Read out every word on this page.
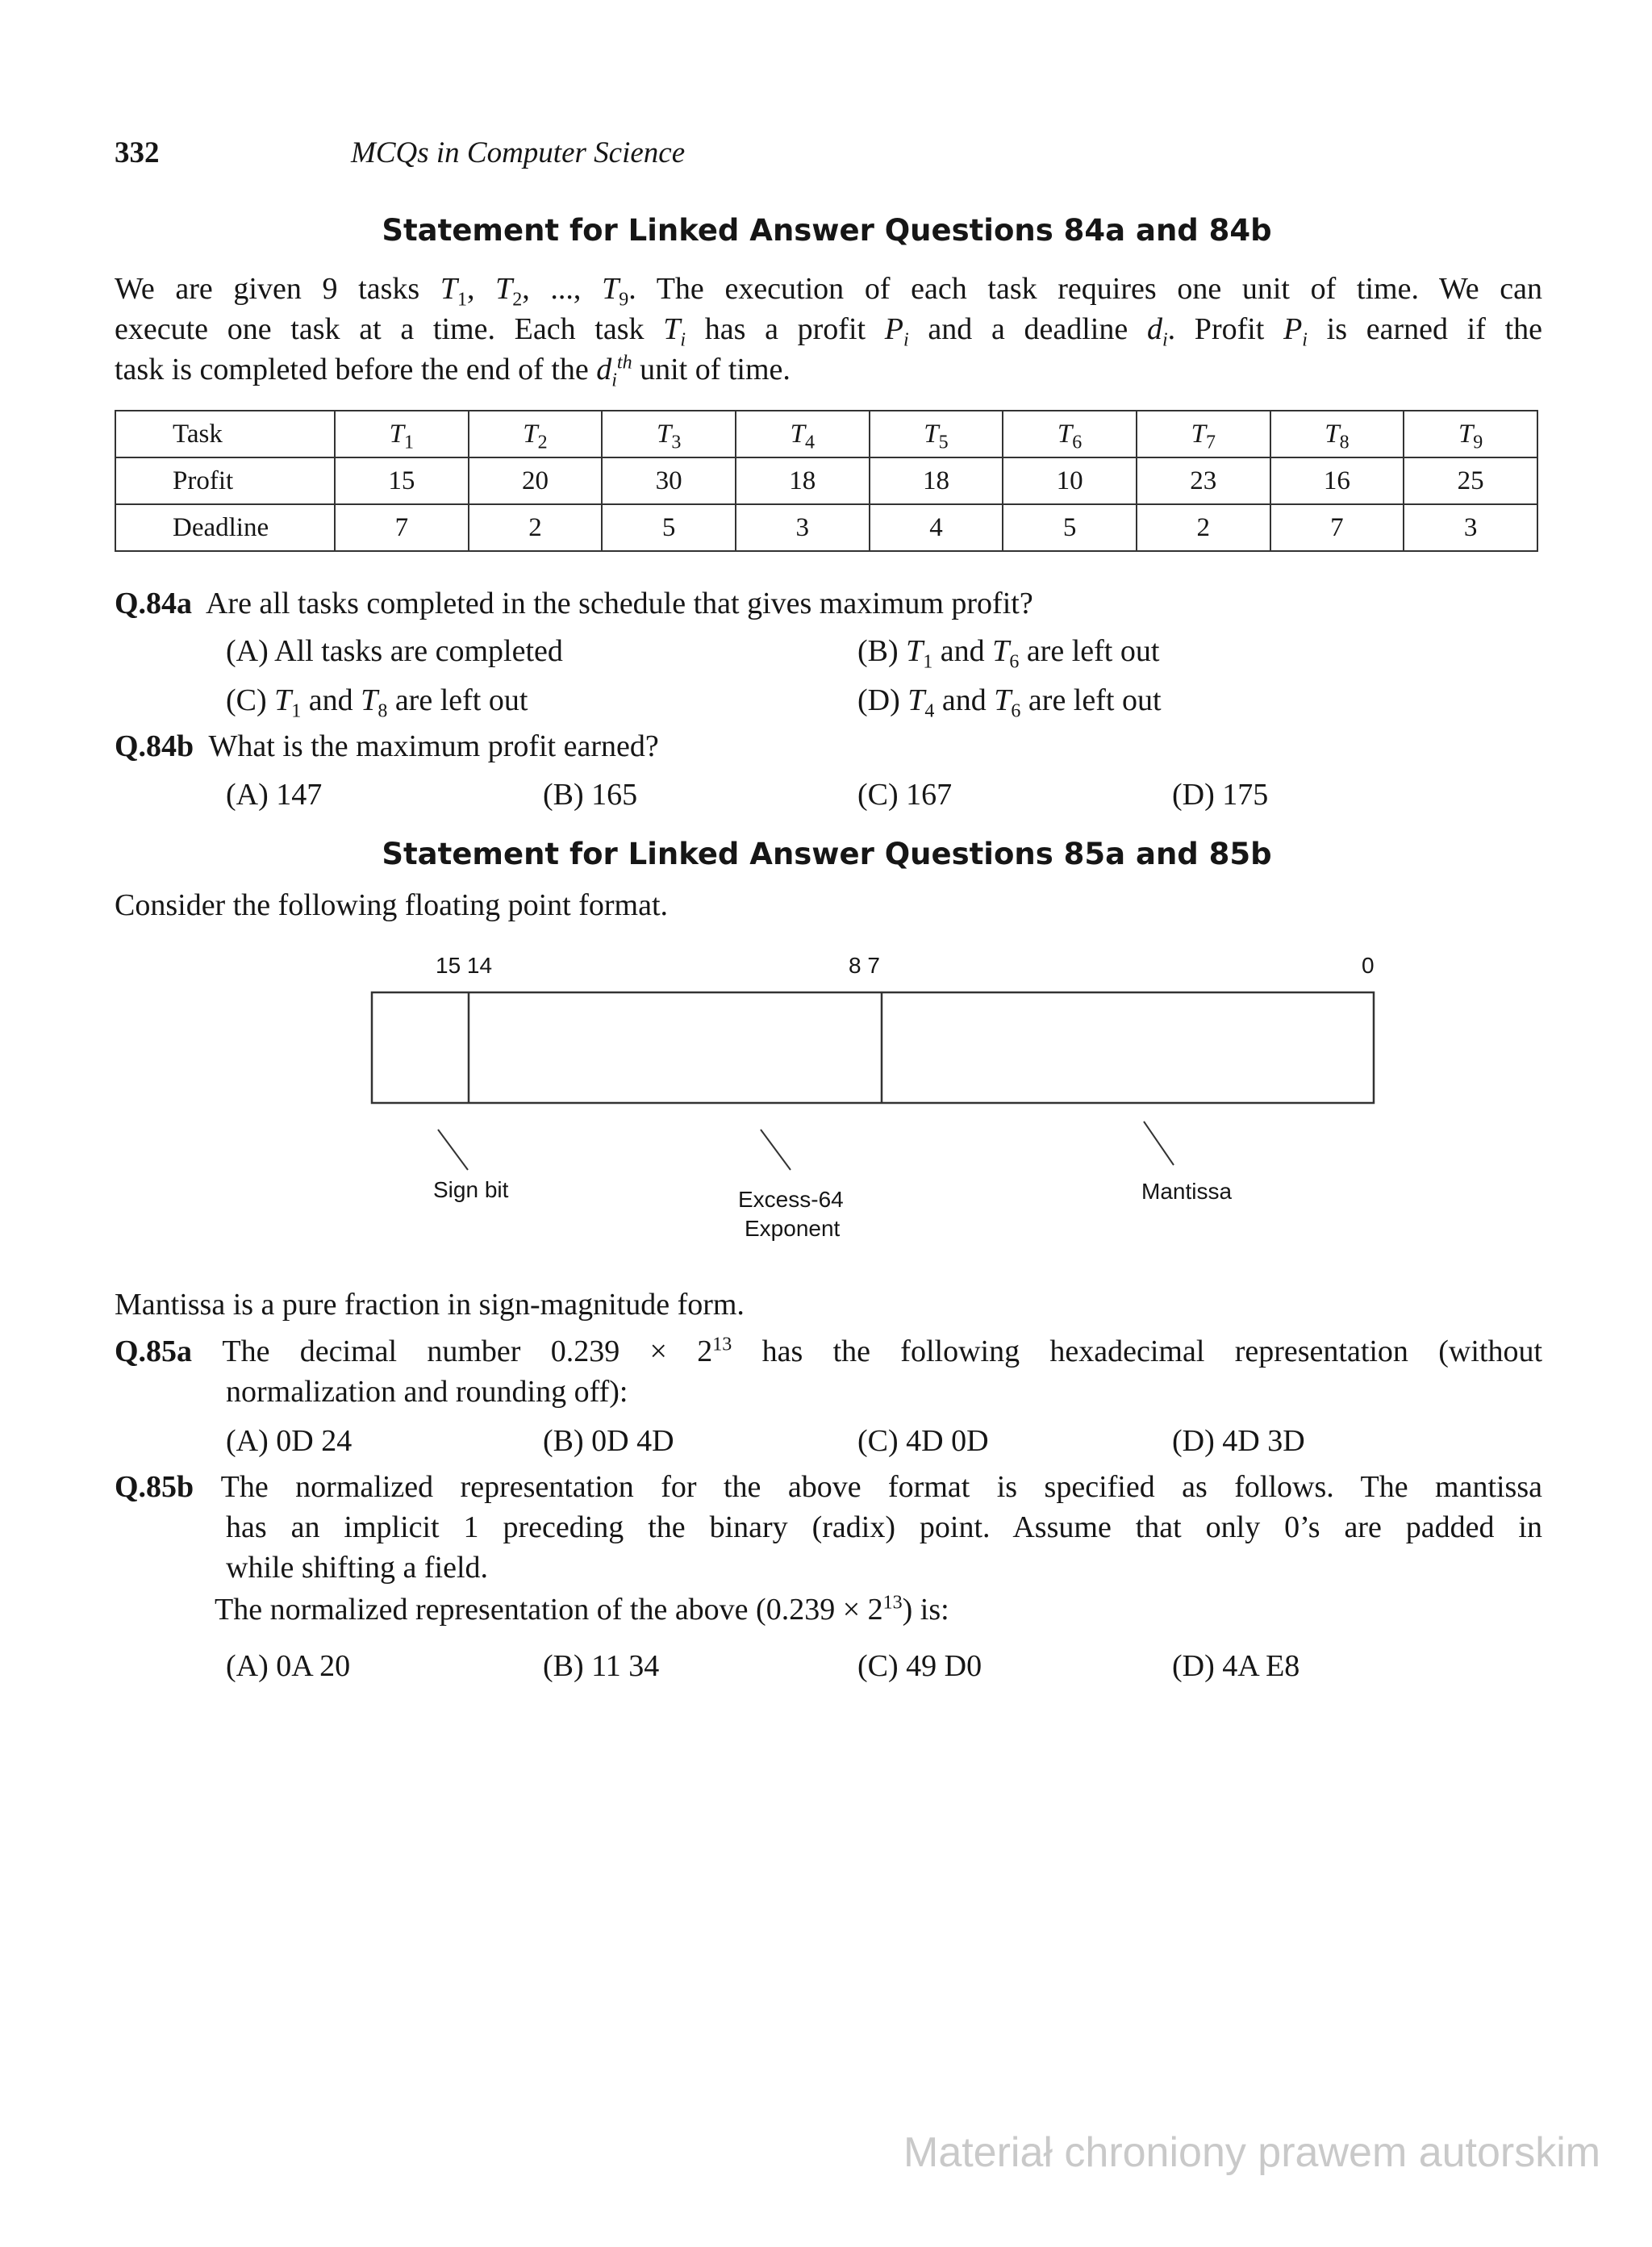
332	MCQs in Computer Science
Statement for Linked Answer Questions 84a and 84b
We are given 9 tasks $T_1$, $T_2$, ..., $T_9$. The execution of each task requires one unit of time. We can
execute one task at a time. Each task $T_i$ has a profit $P_i$ and a deadline $d_i$. Profit $P_i$ is earned if the
task is completed before the end of the $d_i^{th}$ unit of time.
Task	$T_1$	$T_2$	$T_3$	$T_4$	$T_5$	$T_6$	$T_7$	$T_8$	$T_9$
Profit	15	20	30	18	18	10	23	16	25
Deadline	7	2	5	3	4	5	2	7	3
Q.84a Are all tasks completed in the schedule that gives maximum profit?
(A) All tasks are completed	(B) $T_1$ and $T_6$ are left out
(C) $T_1$ and $T_8$ are left out	(D) $T_4$ and $T_6$ are left out
Q.84b What is the maximum profit earned?
(A) 147	(B) 165	(C) 167	(D) 175
Statement for Linked Answer Questions 85a and 85b
Consider the following floating point format.
15 14	8 7	0
Sign bit	Excess-64
Exponent
Mantissa
Mantissa is a pure fraction in sign-magnitude form.
Q.85a The decimal number $0.239 \times 2^{13}$ has the following hexadecimal representation (without
normalization and rounding off):
(A) 0D 24	(B) 0D 4D	(C) 4D 0D	(D) 4D 3D
Q.85b The normalized representation for the above format is specified as follows. The mantissa
has an implicit 1 preceding the binary (radix) point. Assume that only 0’s are padded in
while shifting a field.
The normalized representation of the above $(0.239 \times 2^{13})$ is:
(A) 0A 20	(B) 11 34	(C) 49 D0	(D) 4A E8
Materiał chroniony prawem autorskim
